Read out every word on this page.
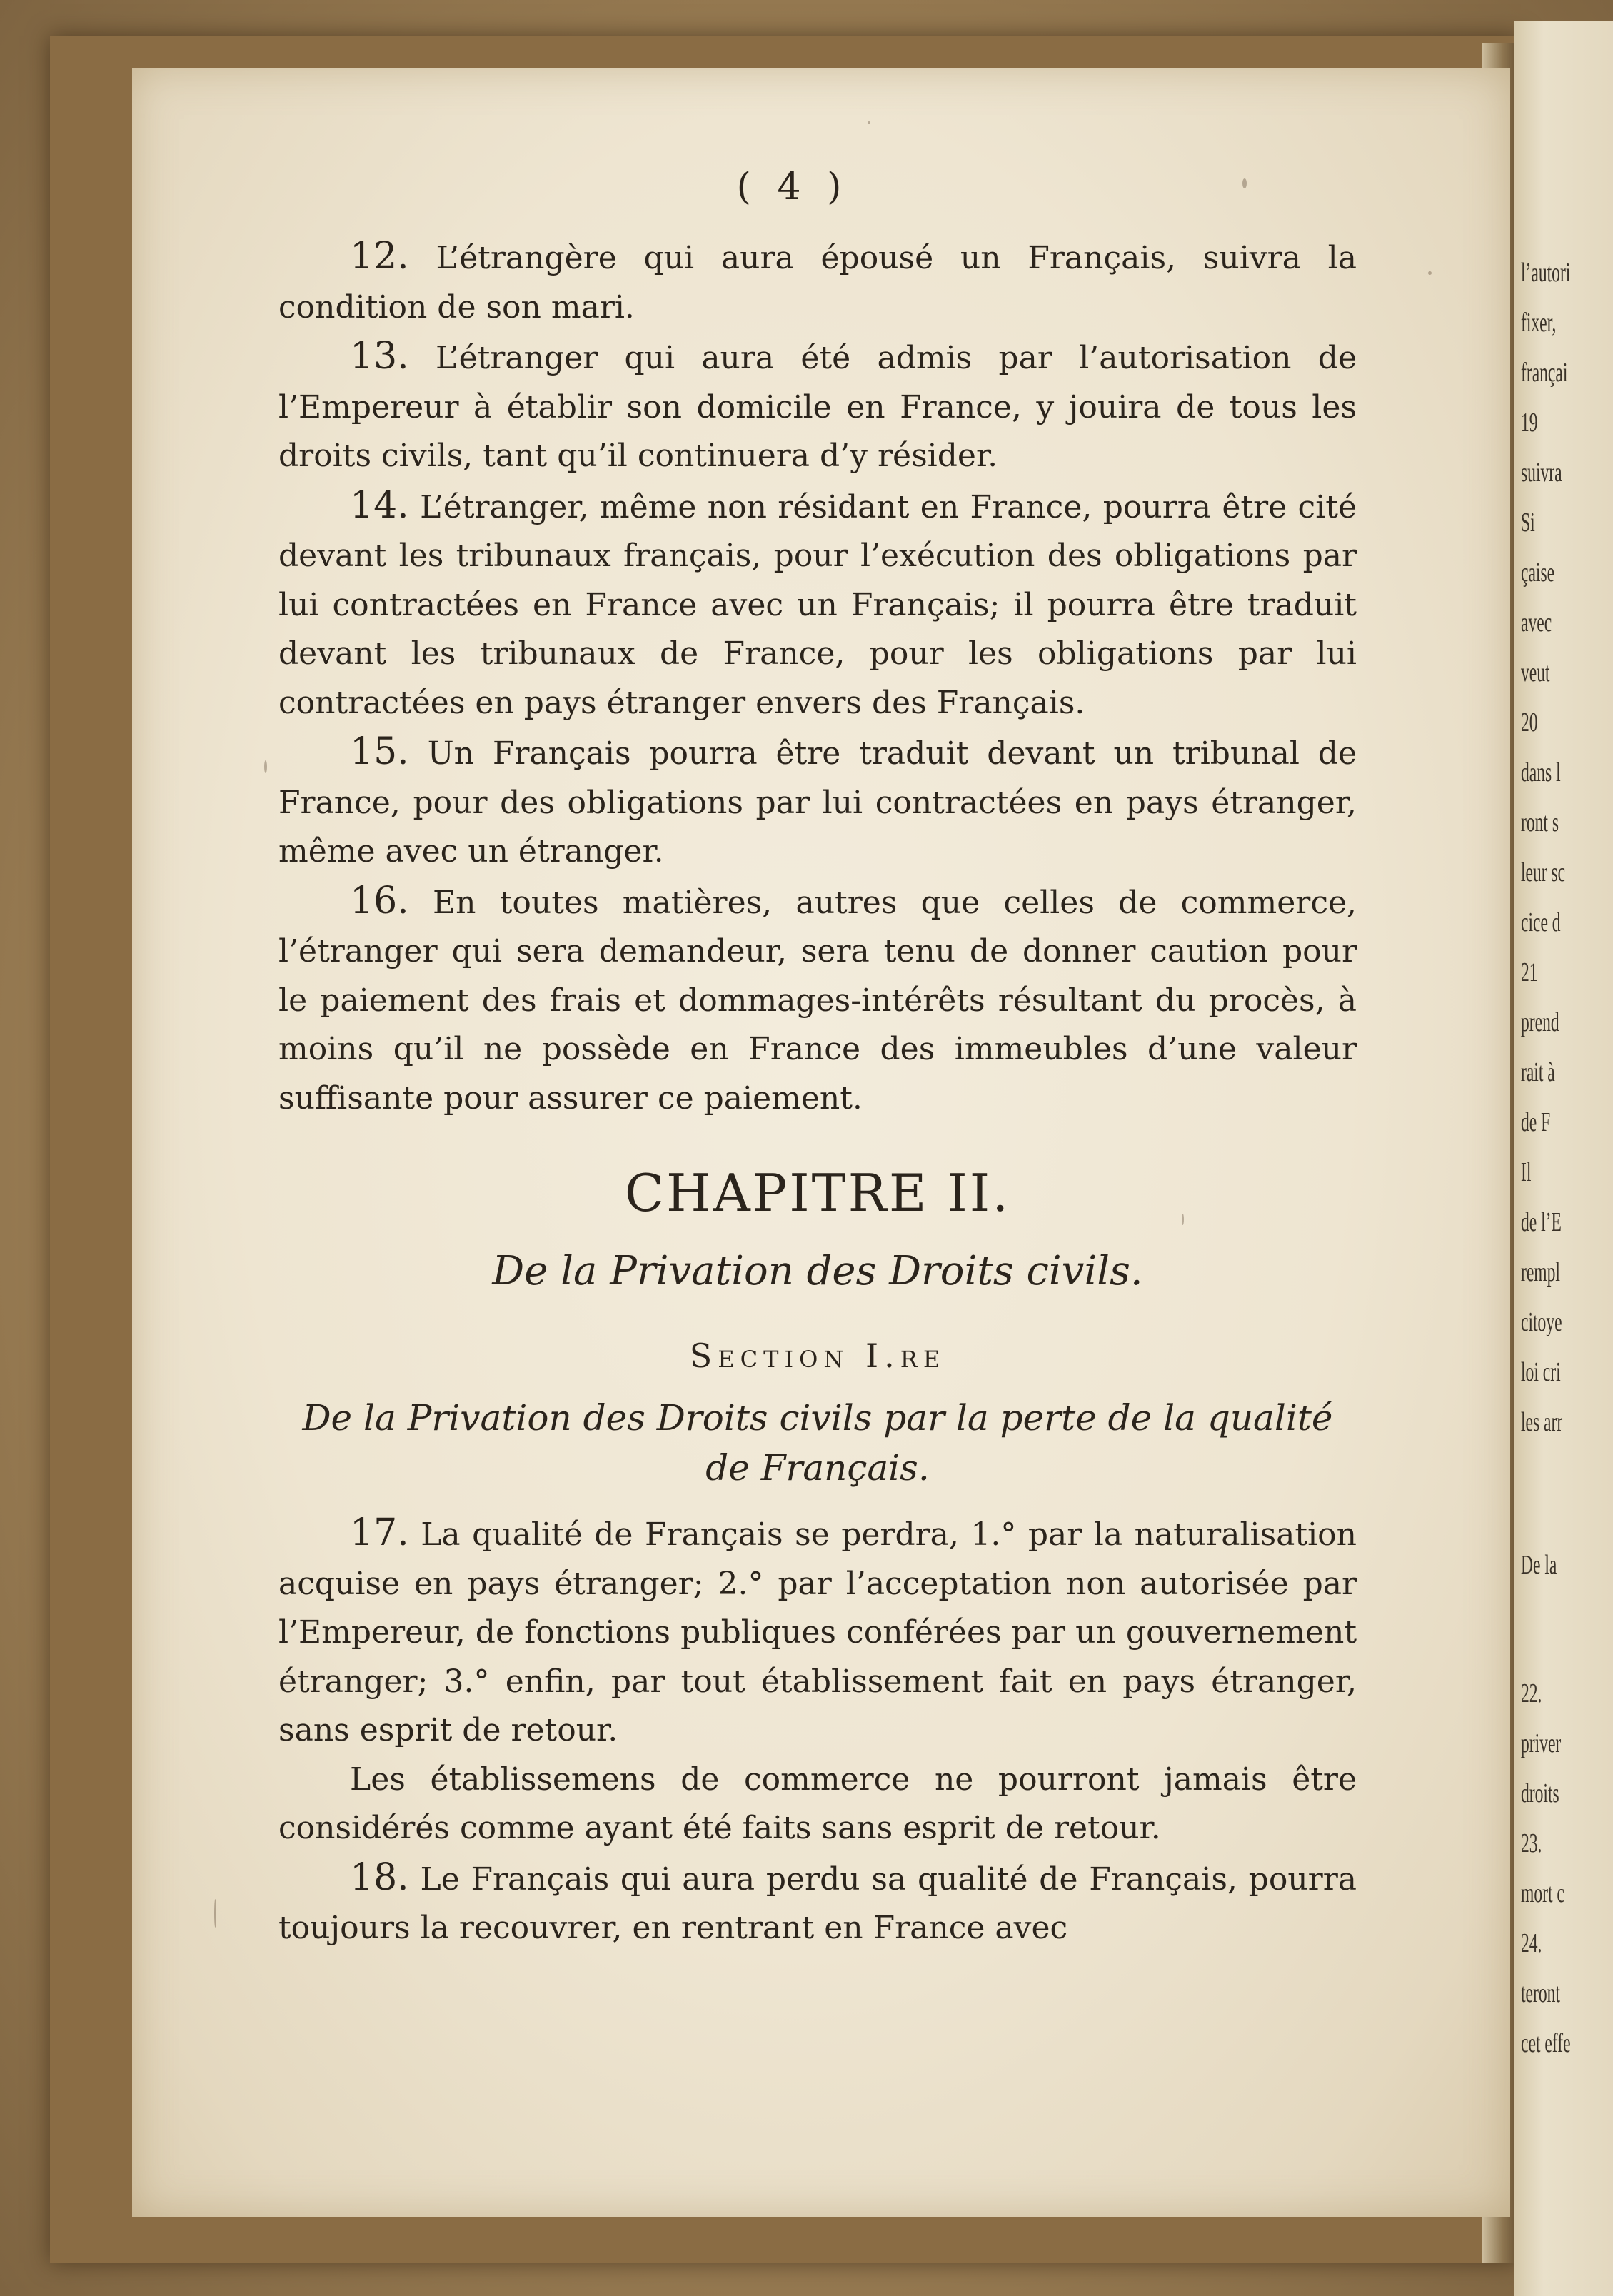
l’autori
fixer,
françai
19
suivra
Si
çaise
avec
veut
20
dans l
ront s
leur sc
cice d
21
prend
rait à
de F
Il
de l’E
rempl
citoye
loi cri
les arr
De la
22.
priver
droits
23.
mort c
24.
teront
cet effe
( 4 )

12. L’étrangère qui aura épousé un Français, suivra la condition de son mari.

13. L’étranger qui aura été admis par l’autorisation de l’Empereur à établir son domicile en France, y jouira de tous les droits civils, tant qu’il continuera d’y résider.

14. L’étranger, même non résidant en France, pourra être cité devant les tribunaux français, pour l’exécution des obligations par lui contractées en France avec un Français; il pourra être traduit devant les tribunaux de France, pour les obligations par lui contractées en pays étranger envers des Français.

15. Un Français pourra être traduit devant un tribunal de France, pour des obligations par lui contractées en pays étranger, même avec un étranger.

16. En toutes matières, autres que celles de commerce, l’étranger qui sera demandeur, sera tenu de donner caution pour le paiement des frais et dommages-intérêts résultant du procès, à moins qu’il ne possède en France des immeubles d’une valeur suffisante pour assurer ce paiement.

CHAPITRE II.
De la Privation des Droits civils.
Section I.re
De la Privation des Droits civils par la perte de la qualité de Français.

17. La qualité de Français se perdra, 1.° par la naturalisation acquise en pays étranger; 2.° par l’acceptation non autorisée par l’Empereur, de fonctions publiques conférées par un gouvernement étranger; 3.° enfin, par tout établissement fait en pays étranger, sans esprit de retour.

Les établissemens de commerce ne pourront jamais être considérés comme ayant été faits sans esprit de retour.

18. Le Français qui aura perdu sa qualité de Français, pourra toujours la recouvrer, en rentrant en France avec
